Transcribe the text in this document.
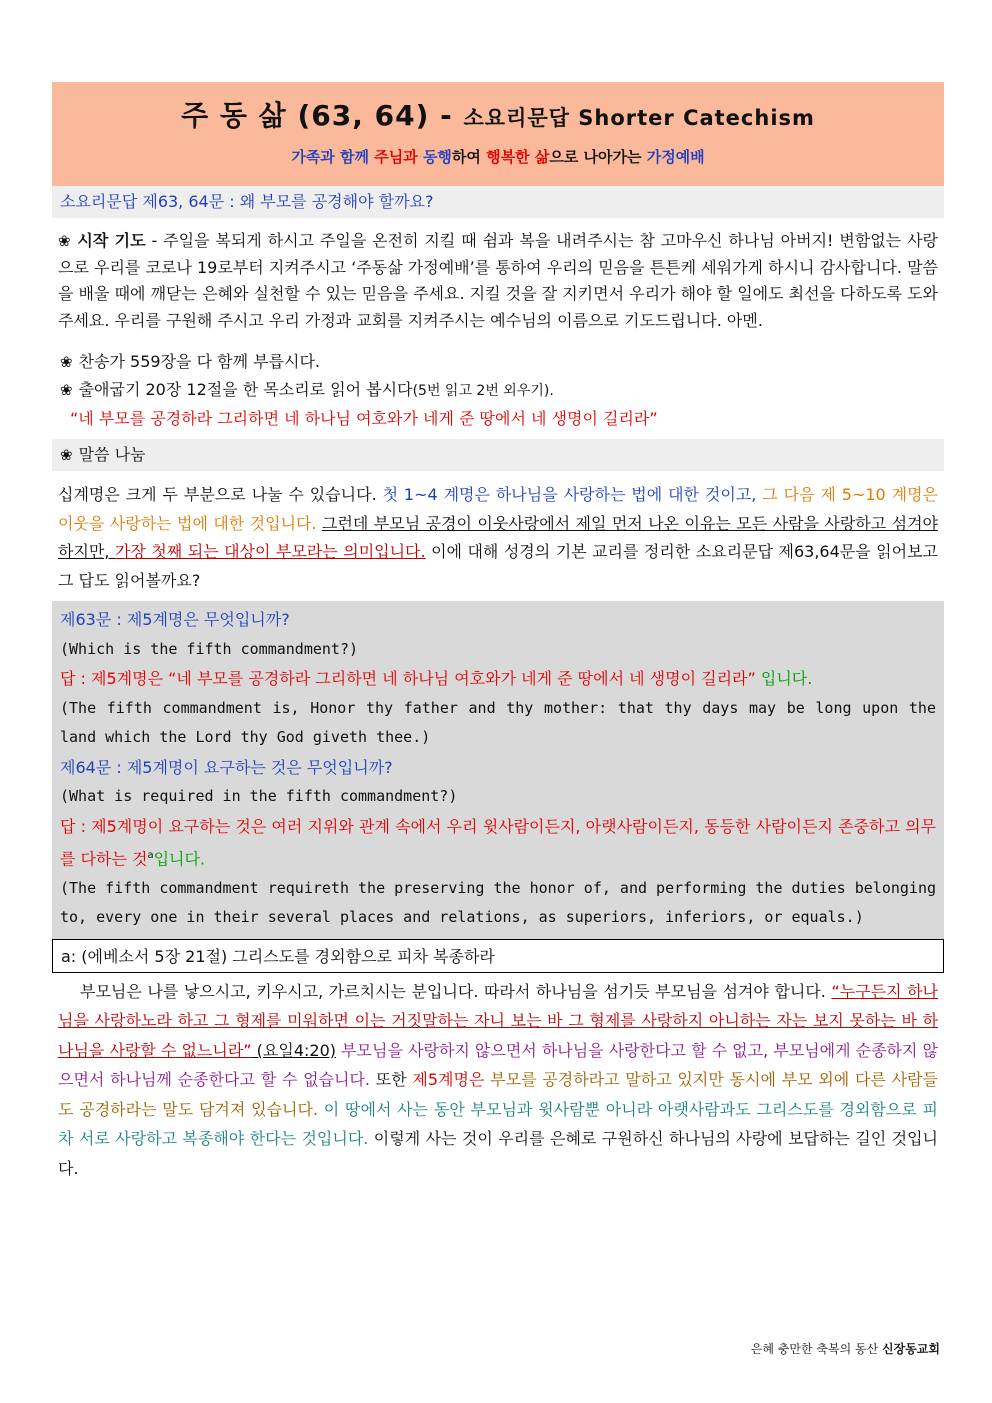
주 동 삶 (63, 64) - 소요리문답 Shorter Catechism
가족과 함께 주님과 동행하여 행복한 삶으로 나아가는 가정예배
소요리문답 제63, 64문 : 왜 부모를 공경해야 할까요?
❀ 시작 기도 - 주일을 복되게 하시고 주일을 온전히 지킬 때 쉼과 복을 내려주시는 참 고마우신 하나님 아버지! 변함없는 사랑으로 우리를 코로나 19로부터 지켜주시고 ‘주동삶 가정예배’를 통하여 우리의 믿음을 튼튼케 세워가게 하시니 감사합니다. 말씀을 배울 때에 깨닫는 은혜와 실천할 수 있는 믿음을 주세요. 지킬 것을 잘 지키면서 우리가 해야 할 일에도 최선을 다하도록 도와주세요. 우리를 구원해 주시고 우리 가정과 교회를 지켜주시는 예수님의 이름으로 기도드립니다. 아멘.
❀ 찬송가 559장을 다 함께 부릅시다.
❀ 출애굽기 20장 12절을 한 목소리로 읽어 봅시다(5번 읽고 2번 외우기).
“네 부모를 공경하라 그리하면 네 하나님 여호와가 네게 준 땅에서 네 생명이 길리라”
❀ 말씀 나눔
십계명은 크게 두 부분으로 나눌 수 있습니다. 첫 1~4 계명은 하나님을 사랑하는 법에 대한 것이고, 그 다음 제 5~10 계명은 이웃을 사랑하는 법에 대한 것입니다. 그런데 부모님 공경이 이웃사랑에서 제일 먼저 나온 이유는 모든 사람을 사랑하고 섬겨야 하지만, 가장 첫째 되는 대상이 부모라는 의미입니다. 이에 대해 성경의 기본 교리를 정리한 소요리문답 제63,64문을 읽어보고 그 답도 읽어볼까요?
제63문 : 제5계명은 무엇입니까?
(Which is the fifth commandment?)
답 : 제5계명은 “네 부모를 공경하라 그리하면 네 하나님 여호와가 네게 준 땅에서 네 생명이 길리라” 입니다.
(The fifth commandment is, Honor thy father and thy mother: that thy days may be long upon the land which the Lord thy God giveth thee.)
제64문 : 제5계명이 요구하는 것은 무엇입니까?
(What is required in the fifth commandment?)
답 : 제5계명이 요구하는 것은 여러 지위와 관계 속에서 우리 윗사람이든지, 아랫사람이든지, 동등한 사람이든지 존중하고 의무를 다하는 것$^a$입니다.
(The fifth commandment requireth the preserving the honor of, and performing the duties belonging to, every one in their several places and relations, as superiors, inferiors, or equals.)
a: (에베소서 5장 21절) 그리스도를 경외함으로 피차 복종하라
부모님은 나를 낳으시고, 키우시고, 가르치시는 분입니다. 따라서 하나님을 섬기듯 부모님을 섬겨야 합니다. “누구든지 하나님을 사랑하노라 하고 그 형제를 미워하면 이는 거짓말하는 자니 보는 바 그 형제를 사랑하지 아니하는 자는 보지 못하는 바 하나님을 사랑할 수 없느니라” (요일4:20) 부모님을 사랑하지 않으면서 하나님을 사랑한다고 할 수 없고, 부모님에게 순종하지 않으면서 하나님께 순종한다고 할 수 없습니다. 또한 제5계명은 부모를 공경하라고 말하고 있지만 동시에 부모 외에 다른 사람들도 공경하라는 말도 담겨져 있습니다. 이 땅에서 사는 동안 부모님과 윗사람뿐 아니라 아랫사람과도 그리스도를 경외함으로 피차 서로 사랑하고 복종해야 한다는 것입니다. 이렇게 사는 것이 우리를 은혜로 구원하신 하나님의 사랑에 보답하는 길인 것입니다.
은혜 충만한 축복의 동산 신장동교회
